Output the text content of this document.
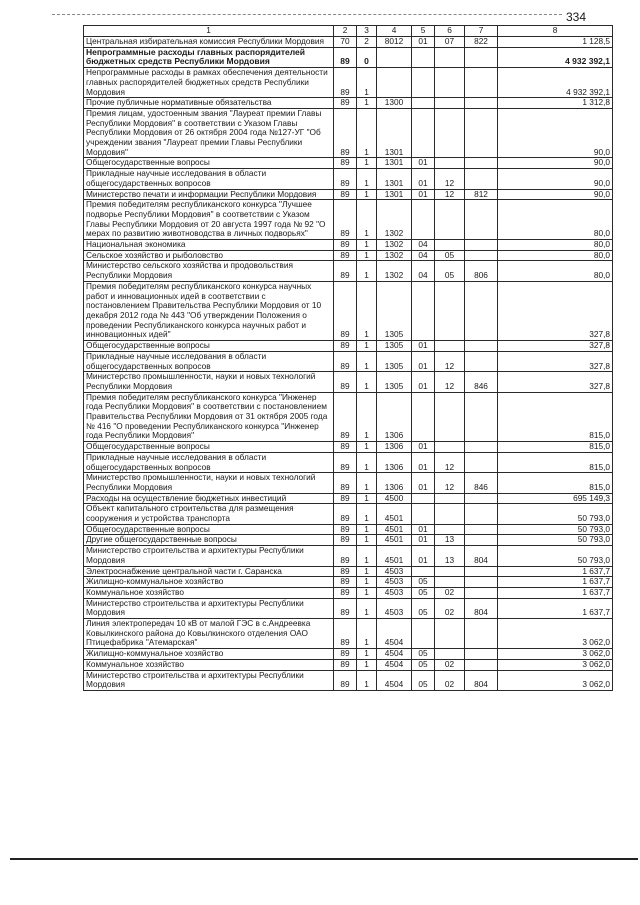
334
1	2	3	4	5	6	7	8
Центральная избирательная комиссия Республики Мордовия	70	2	8012	01	07	822	1 128,5
Непрограммные расходы главных распорядителей бюджетных средств Республики Мордовия	89	0					4 932 392,1
Непрограммные расходы в рамках обеспечения деятельности главных распорядителей бюджетных средств Республики Мордовия	89	1					4 932 392,1
Прочие публичные нормативные обязательства	89	1	1300				1 312,8
Премия лицам, удостоенным звания "Лауреат премии Главы Республики Мордовия" в соответствии с Указом Главы Республики Мордовия от 26 октября 2004 года №127-УГ "Об учреждении звания "Лауреат премии Главы Республики Мордовия"	89	1	1301				90,0
Общегосударственные вопросы	89	1	1301	01			90,0
Прикладные научные исследования в области общегосударственных вопросов	89	1	1301	01	12		90,0
Министерство печати и информации Республики Мордовия	89	1	1301	01	12	812	90,0
Премия победителям республиканского конкурса "Лучшее подворье Республики Мордовия" в соответствии с Указом Главы Республики Мордовия от 20 августа 1997 года № 92 "О мерах по развитию животноводства в личных подворьях"	89	1	1302				80,0
Национальная экономика	89	1	1302	04			80,0
Сельское хозяйство и рыболовство	89	1	1302	04	05		80,0
Министерство сельского хозяйства и продовольствия Республики Мордовия	89	1	1302	04	05	806	80,0
Премия победителям республиканского конкурса научных работ и инновационных идей в соответствии с постановлением Правительства Республики Мордовия от 10 декабря 2012 года № 443 "Об утверждении Положения о проведении Республиканского конкурса научных работ и инновационных идей"	89	1	1305				327,8
Общегосударственные вопросы	89	1	1305	01			327,8
Прикладные научные исследования в области общегосударственных вопросов	89	1	1305	01	12		327,8
Министерство промышленности, науки и новых технологий Республики Мордовия	89	1	1305	01	12	846	327,8
Премия победителям республиканского конкурса "Инженер года Республики Мордовия" в соответствии с постановлением Правительства Республики Мордовия от 31 октября 2005 года № 416 "О проведении Республиканского конкурса "Инженер года Республики Мордовия"	89	1	1306				815,0
Общегосударственные вопросы	89	1	1306	01			815,0
Прикладные научные исследования в области общегосударственных вопросов	89	1	1306	01	12		815,0
Министерство промышленности, науки и новых технологий Республики Мордовия	89	1	1306	01	12	846	815,0
Расходы на осуществление бюджетных инвестиций	89	1	4500				695 149,3
Объект капитального строительства для размещения сооружения и устройства транспорта	89	1	4501				50 793,0
Общегосударственные вопросы	89	1	4501	01			50 793,0
Другие общегосударственные вопросы	89	1	4501	01	13		50 793,0
Министерство строительства и архитектуры Республики Мордовия	89	1	4501	01	13	804	50 793,0
Электроснабжение центральной части г. Саранска	89	1	4503				1 637,7
Жилищно-коммунальное хозяйство	89	1	4503	05			1 637,7
Коммунальное хозяйство	89	1	4503	05	02		1 637,7
Министерство строительства и архитектуры Республики Мордовия	89	1	4503	05	02	804	1 637,7
Линия электропередач 10 кВ от малой ГЭС в с.Андреевка Ковылкинского района до Ковылкинского отделения ОАО Птицефабрика "Атемарская"	89	1	4504				3 062,0
Жилищно-коммунальное хозяйство	89	1	4504	05			3 062,0
Коммунальное хозяйство	89	1	4504	05	02		3 062,0
Министерство строительства и архитектуры Республики Мордовия	89	1	4504	05	02	804	3 062,0
